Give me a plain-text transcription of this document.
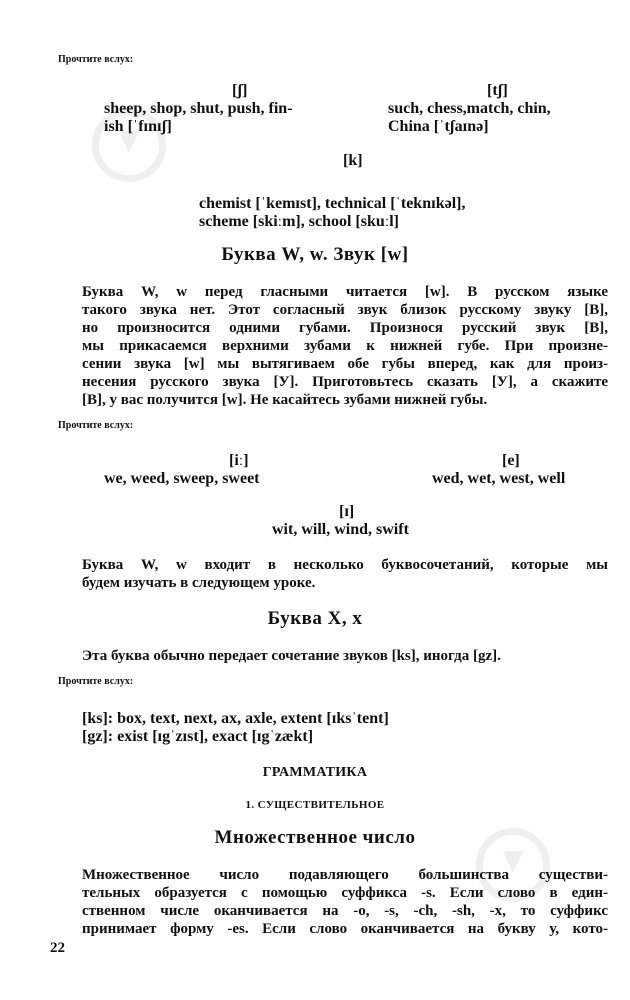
Прочтите вслух:
[ʃ]	[tʃ]
sheep, shop, shut, push, fin-
ish [ˈfɪnɪʃ]
such, chess,match, chin,
China [ˈtʃaɪnə]
[k]
chemist [ˈkemɪst], technical [ˈteknɪkəl],
scheme [skiːm], school [skuːl]
Буква W, w. Звук [w]
Буква W, w перед гласными читается [w]. В русском языке
такого звука нет. Этот согласный звук близок русскому звуку [В],
но произносится одними губами. Произнося русский звук [В],
мы прикасаемся верхними зубами к нижней губе. При произне-
сении звука [w] мы вытягиваем обе губы вперед, как для произ-
несения русского звука [У]. Приготовьтесь сказать [У], а скажите
[В], у вас получится [w]. Не касайтесь зубами нижней губы.
Прочтите вслух:
[iː]	[e]
we, weed, sweep, sweet	wed, wet, west, well
[ɪ]
wit, will, wind, swift
Буква W, w входит в несколько буквосочетаний, которые мы
будем изучать в следующем уроке.
Буква X, x
Эта буква обычно передает сочетание звуков [ks], иногда [gz].
Прочтите вслух:
[ks]: box, text, next, ax, axle, extent [ɪksˈtent]
[gz]: exist [ɪgˈzɪst], exact [ɪgˈzækt]
ГРАММАТИКА
1. СУЩЕСТВИТЕЛЬНОЕ
Множественное число
Множественное число подавляющего большинства существи-
тельных образуется с помощью суффикса -s. Если слово в един-
ственном числе оканчивается на -o, -s, -ch, -sh, -x, то суффикс
принимает форму -es. Если слово оканчивается на букву у, кото-
22
